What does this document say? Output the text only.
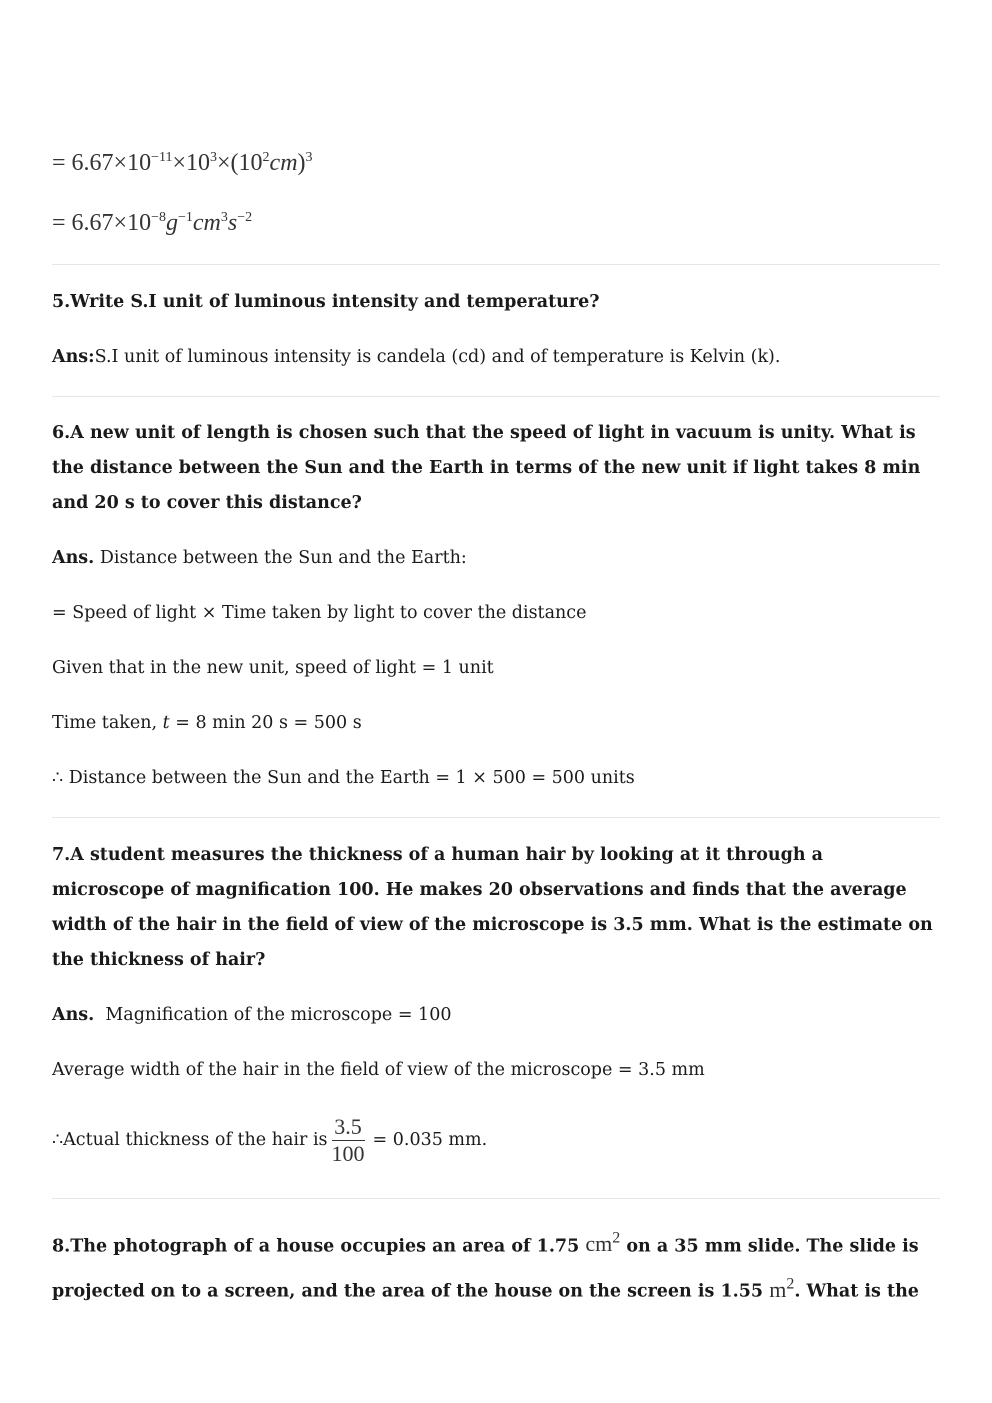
= $6.67\times 10^{-11}\times 10^3\times(10^2cm)^3$
= $6.67\times 10^{-8}g^{-1}cm^3s^{-2}$
5.Write S.I unit of luminous intensity and temperature?
Ans:S.I unit of luminous intensity is candela (cd) and of temperature is Kelvin (k).
6.A new unit of length is chosen such that the speed of light in vacuum is unity. What is the distance between the Sun and the Earth in terms of the new unit if light takes 8 min and 20 s to cover this distance?
Ans. Distance between the Sun and the Earth:
= Speed of light × Time taken by light to cover the distance
Given that in the new unit, speed of light = 1 unit
Time taken, t = 8 min 20 s = 500 s
∴ Distance between the Sun and the Earth = 1 × 500 = 500 units
7.A student measures the thickness of a human hair by looking at it through a microscope of magnification 100. He makes 20 observations and finds that the average width of the hair in the field of view of the microscope is 3.5 mm. What is the estimate on the thickness of hair?
Ans.  Magnification of the microscope = 100
Average width of the hair in the field of view of the microscope = 3.5 mm
∴Actual thickness of the hair is $\frac{3.5}{100} = 0.035$ mm.
8.The photograph of a house occupies an area of 1.75 $cm^2$ on a 35 mm slide. The slide is projected on to a screen, and the area of the house on the screen is 1.55 $m^2$. What is the
